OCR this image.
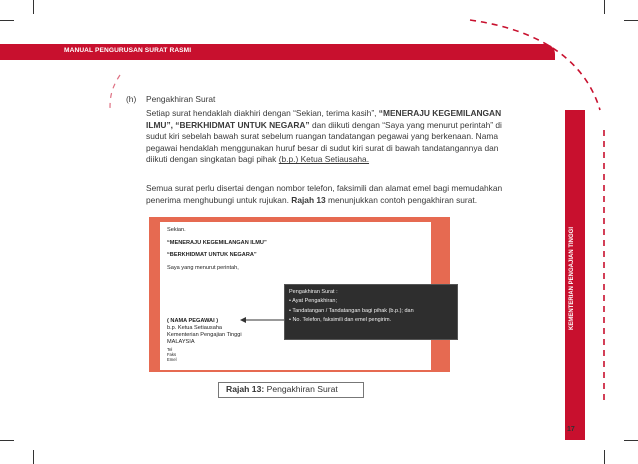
MANUAL PENGURUSAN SURAT RASMI
KEMENTERIAN PENGAJIAN TINGGI
17
(h) Pengakhiran Surat
Setiap surat hendaklah diakhiri dengan “Sekian, terima kasih”, “MENERAJU KEGEMILANGAN
ILMU”, “BERKHIDMAT UNTUK NEGARA” dan diikuti dengan “Saya yang menurut perintah” di
sudut kiri sebelah bawah surat sebelum ruangan tandatangan pegawai yang berkenaan. Nama
pegawai hendaklah menggunakan huruf besar di sudut kiri surat di bawah tandatangannya dan
diikuti dengan singkatan bagi pihak (b.p.) Ketua Setiausaha.
Semua surat perlu disertai dengan nombor telefon, faksimili dan alamat emel bagi memudahkan
penerima menghubungi untuk rujukan. Rajah 13 menunjukkan contoh pengakhiran surat.
Sekian.
“MENERAJU KEGEMILANGAN ILMU”
“BERKHIDMAT UNTUK NEGARA”
Saya yang menurut perintah,
( NAMA PEGAWAI )
b.p. Ketua Setiausaha
Kementerian Pengajian Tinggi
MALAYSIA
Tel
Faks
Emel
Pengakhiran Surat :
• Ayat Pengakhiran;
• Tandatangan / Tandatangan bagi pihak (b.p.); dan
• No. Telefon, faksimili dan emel pengirim.
Rajah 13: Pengakhiran Surat
